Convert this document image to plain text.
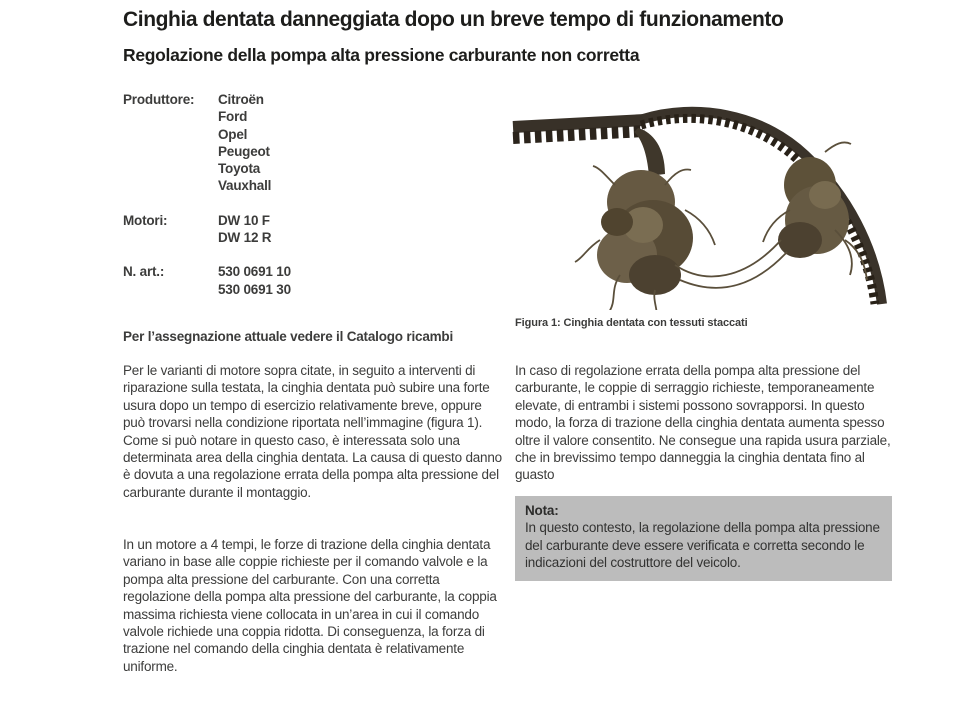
Cinghia dentata danneggiata dopo un breve tempo di funzionamento
Regolazione della pompa alta pressione carburante non corretta
Produttore:	Citroën
Ford
Opel
Peugeot
Toyota
Vauxhall
Motori:	DW 10 F
DW 12 R
N. art.:	530 0691 10
530 0691 30
Per l’assegnazione attuale vedere il Catalogo ricambi
Figura 1: Cinghia dentata con tessuti staccati
Per le varianti di motore sopra citate, in seguito a interventi di riparazione sulla testata, la cinghia dentata può subire una forte usura dopo un tempo di esercizio relativamente breve, oppure può trovarsi nella condizione riportata nell’immagine (figura 1). Come si può notare in questo caso, è interessata solo una determinata area della cinghia dentata. La causa di questo danno è dovuta a una regolazione errata della pompa alta pressione del carburante durante il montaggio.
In un motore a 4 tempi, le forze di trazione della cinghia dentata variano in base alle coppie richieste per il comando valvole e la pompa alta pressione del carburante. Con una corretta regolazione della pompa alta pressione del carburante, la coppia massima richiesta viene collocata in un’area in cui il comando valvole richiede una coppia ridotta. Di conseguenza, la forza di trazione nel comando della cinghia dentata è relativamente uniforme.
In caso di regolazione errata della pompa alta pressione del carburante, le coppie di serraggio richieste, temporaneamente elevate, di entrambi i sistemi possono sovrapporsi. In questo modo, la forza di trazione della cinghia dentata aumenta spesso oltre il valore consentito. Ne consegue una rapida usura parziale, che in brevissimo tempo danneggia la cinghia dentata fino al guasto
Nota:
In questo contesto, la regolazione della pompa alta pressione del carburante deve essere verificata e corretta secondo le indicazioni del costruttore del veicolo.
